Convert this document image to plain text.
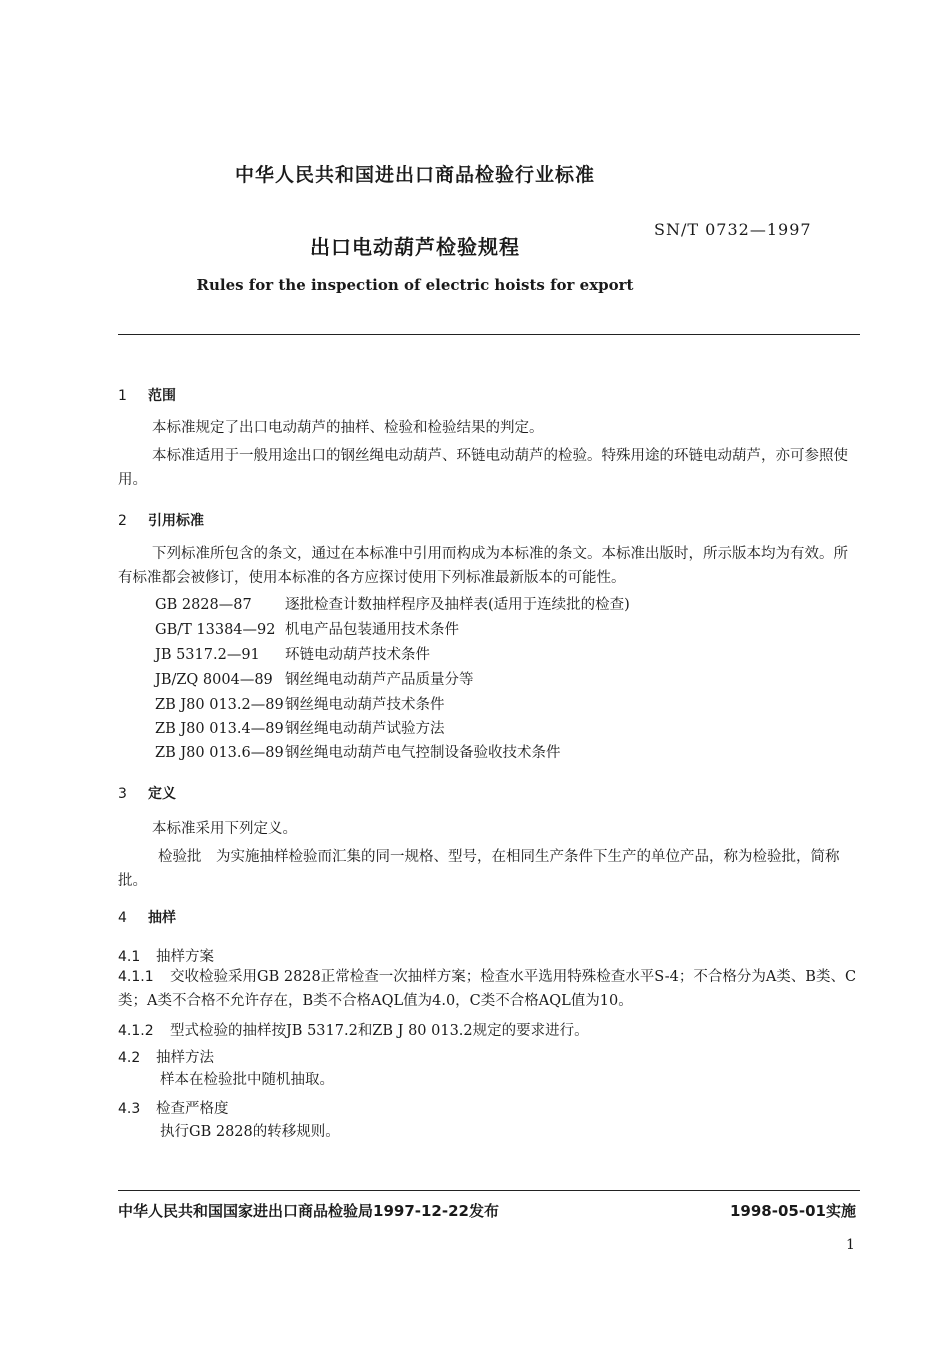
中华人民共和国进出口商品检验行业标准
出口电动葫芦检验规程
SN/T 0732—1997
Rules for the inspection of electric hoists for export
1 范围
本标准规定了出口电动葫芦的抽样、检验和检验结果的判定。
本标准适用于一般用途出口的钢丝绳电动葫芦、环链电动葫芦的检验。特殊用途的环链电动葫芦，亦可参照使用。
2 引用标准
下列标准所包含的条文，通过在本标准中引用而构成为本标准的条文。本标准出版时，所示版本均为有效。所有标准都会被修订，使用本标准的各方应探讨使用下列标准最新版本的可能性。
GB 2828—87 逐批检查计数抽样程序及抽样表(适用于连续批的检查)
GB/T 13384—92 机电产品包装通用技术条件
JB 5317.2—91 环链电动葫芦技术条件
JB/ZQ 8004—89 钢丝绳电动葫芦产品质量分等
ZB J80 013.2—89钢丝绳电动葫芦技术条件
ZB J80 013.4—89钢丝绳电动葫芦试验方法
ZB J80 013.6—89钢丝绳电动葫芦电气控制设备验收技术条件
3 定义
本标准采用下列定义。
检验批　 为实施抽样检验而汇集的同一规格、型号，在相同生产条件下生产的单位产品，称为检验批，简称批。
4 抽样
4.1 抽样方案
4.1.1 交收检验采用GB 2828正常检查一次抽样方案；检查水平选用特殊检查水平S-4；不合格分为A类、B类、C类；A类不合格不允许存在，B类不合格AQL值为4.0，C类不合格AQL值为10。
4.1.2 型式检验的抽样按JB 5317.2和ZB J 80 013.2规定的要求进行。
4.2 抽样方法
样本在检验批中随机抽取。
4.3 检查严格度
执行GB 2828的转移规则。
中华人民共和国国家进出口商品检验局1997-12-22发布	1998-05-01实施
1
